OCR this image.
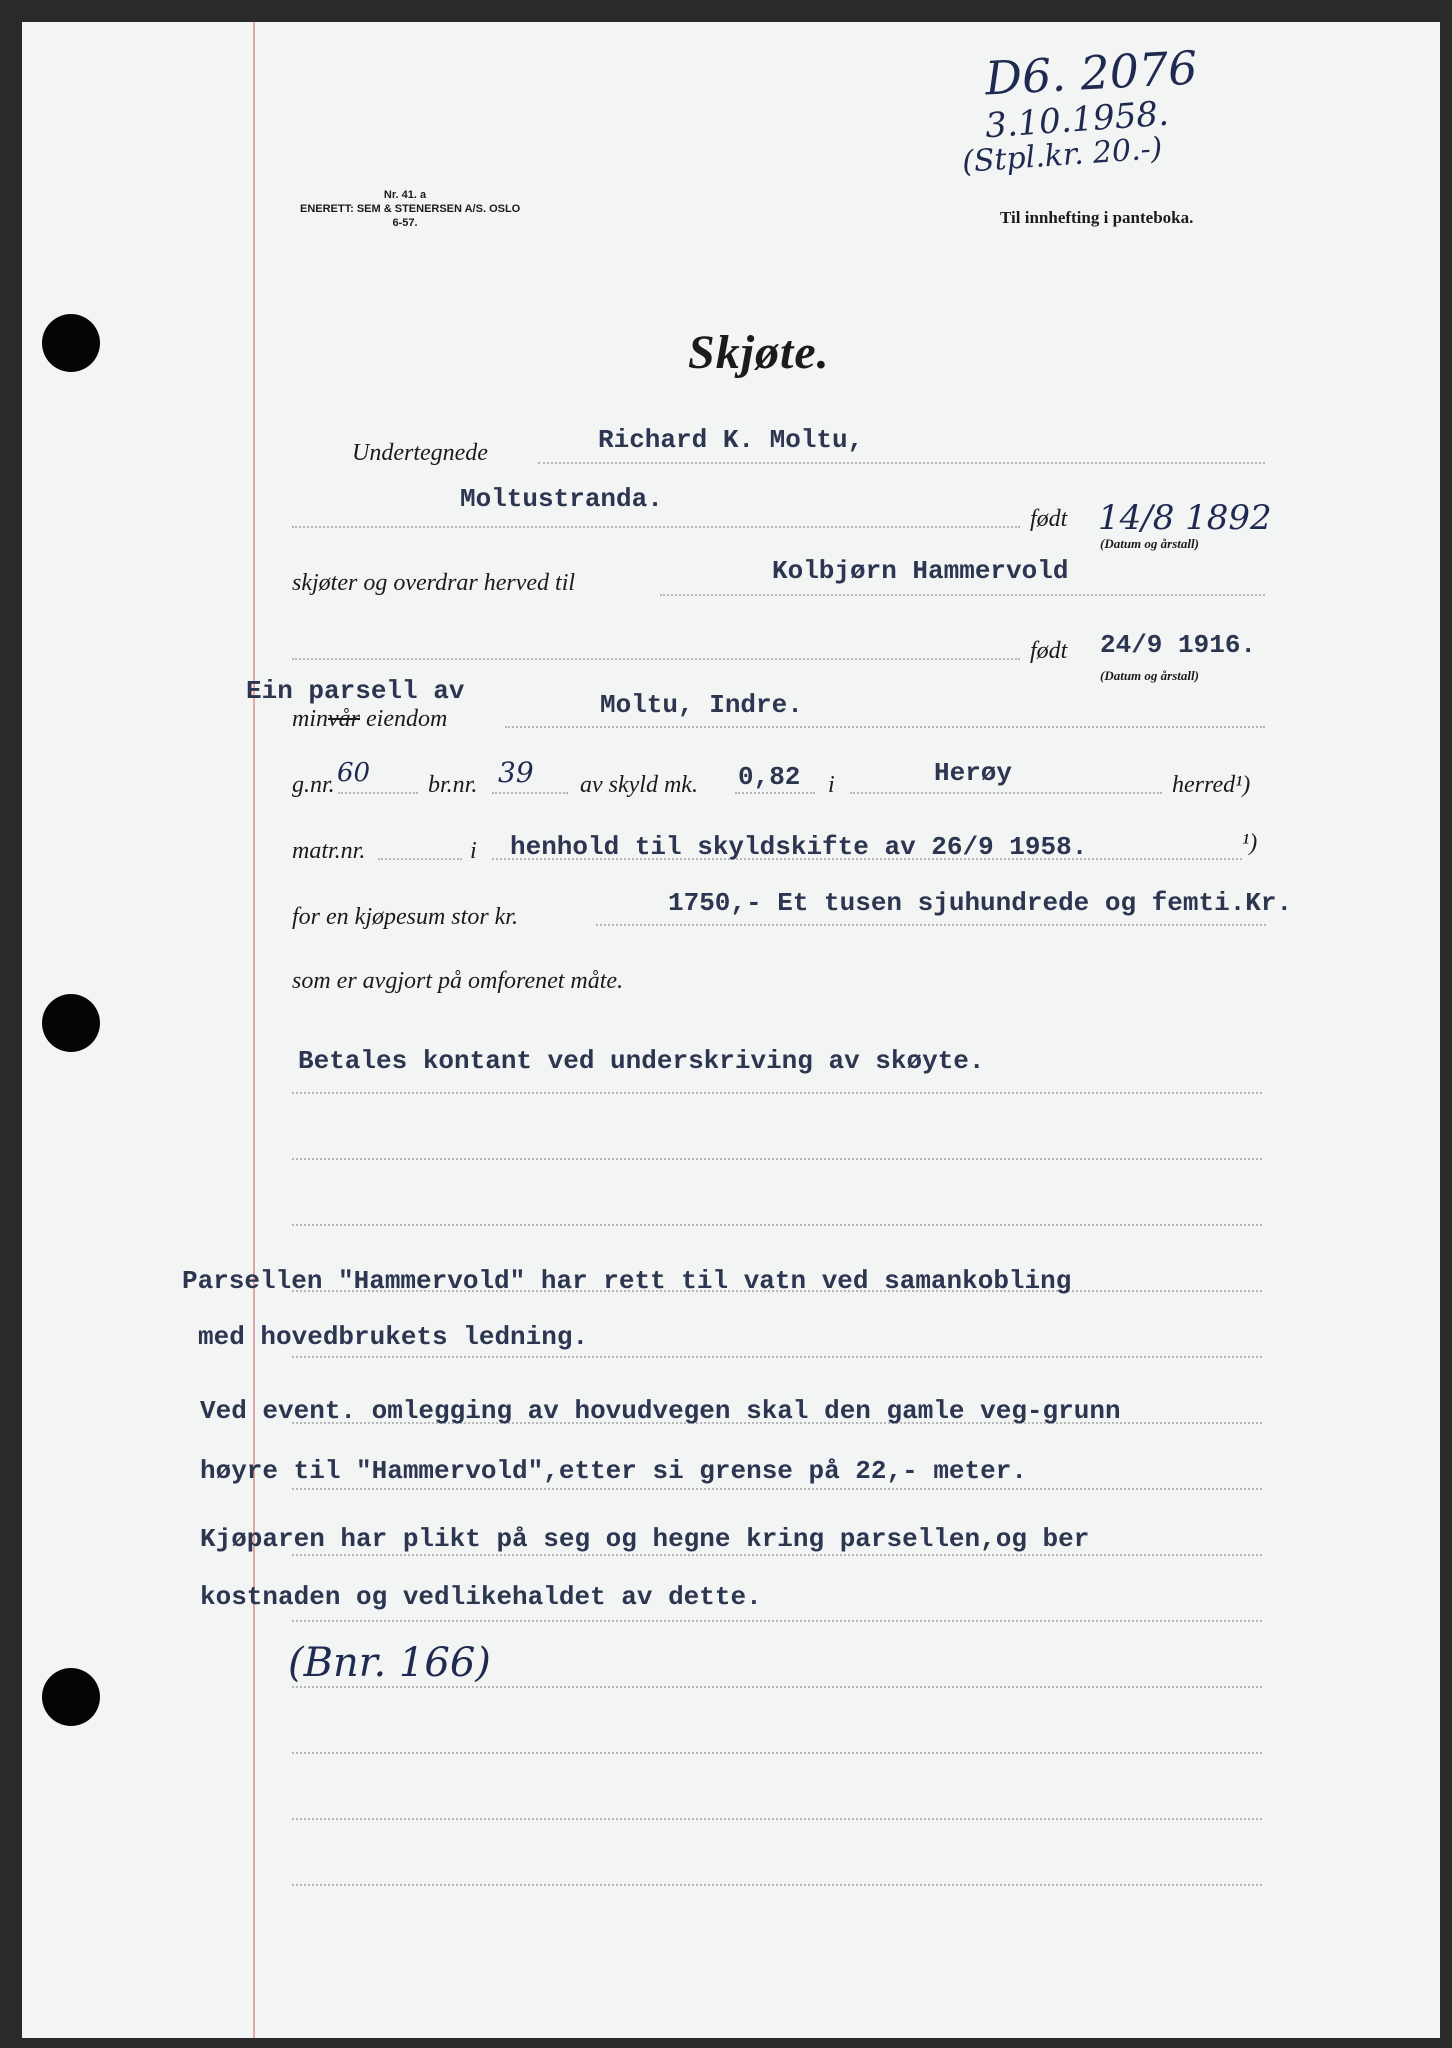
Nr. 41. a
ENERETT: SEM & STENERSEN A/S. OSLO
6-57.
D6. 2076
3.10.1958.
(Stpl.kr. 20.-)
Til innhefting i panteboka.
Skjøte.
Undertegnede	Richard K. Moltu,
Moltustranda.
født 14/8 1892
(Datum og årstall)
skjøter og overdrar herved til	Kolbjørn Hammervold
født 24/9 1916.
(Datum og årstall)
Ein parsell av
minvår eiendom	Moltu, Indre.
g.nr. 60 br.nr. 39 av skyld mk. 0,82 i	Herøy	herred¹)
matr.nr.	i henhold til skyldskifte av 26/9 1958.	¹)
for en kjøpesum stor kr.	1750,- Et tusen sjuhundrede og femti.Kr.
som er avgjort på omforenet måte.
Betales kontant ved underskriving av skøyte.
Parsellen "Hammervold" har rett til vatn ved samankobling
med hovedbrukets ledning.
Ved event. omlegging av hovudvegen skal den gamle veg-grunn
høyre til "Hammervold",etter si grense på 22,- meter.
Kjøparen har plikt på seg og hegne kring parsellen,og ber
kostnaden og vedlikehaldet av dette.
(Bnr. 166)
